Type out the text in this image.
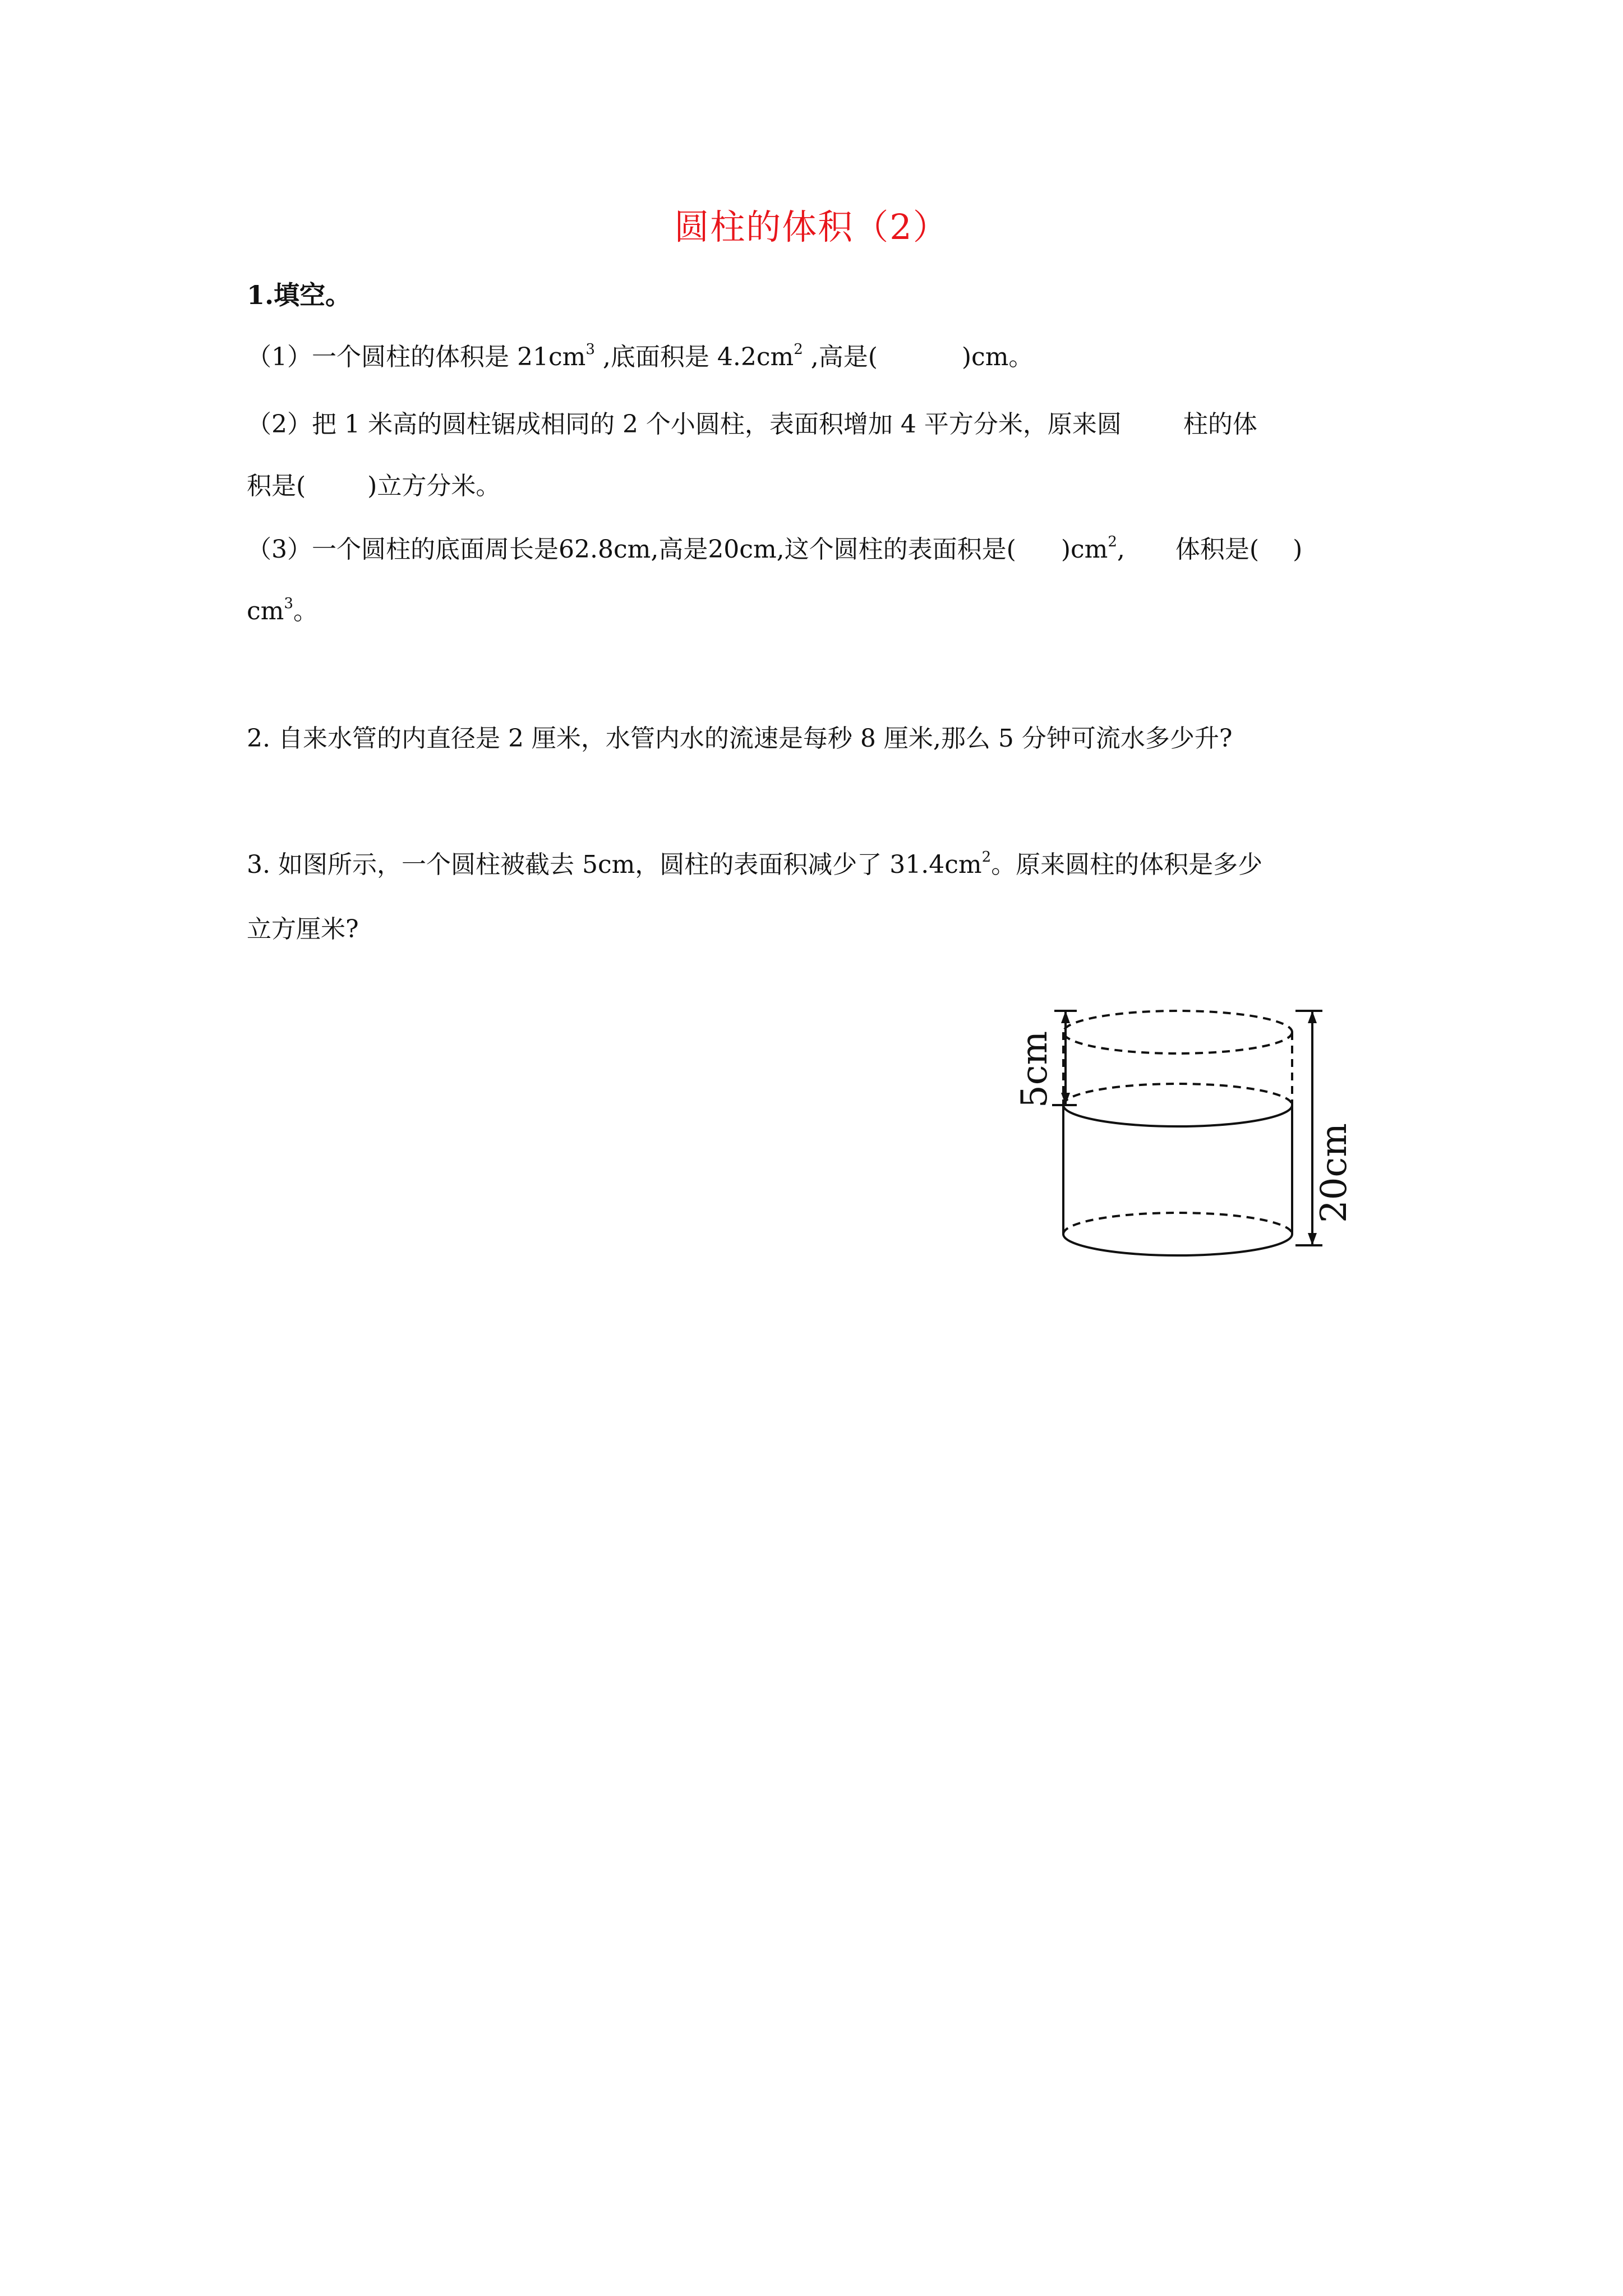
圆柱的体积（2）
1.填空。
（1）一个圆柱的体积是 $21cm^3$ ,底面积是 $4.2cm^2$ ,高是(	)cm。
（2）把 1 米高的圆柱锯成相同的 2 个小圆柱，表面积增加 4 平方分米，原来圆	柱的体
积是(	)立方分米。
（3）一个圆柱的底面周长是62.8cm,高是20cm,这个圆柱的表面积是( )$cm^2$, 体积是( )
$cm^3$。
2. 自来水管的内直径是 2 厘米，水管内水的流速是每秒 8 厘米,那么 5 分钟可流水多少升?
3. 如图所示，一个圆柱被截去 5cm，圆柱的表面积减少了 $31.4cm^2$。原来圆柱的体积是多少
立方厘米?
5cm
20cm
